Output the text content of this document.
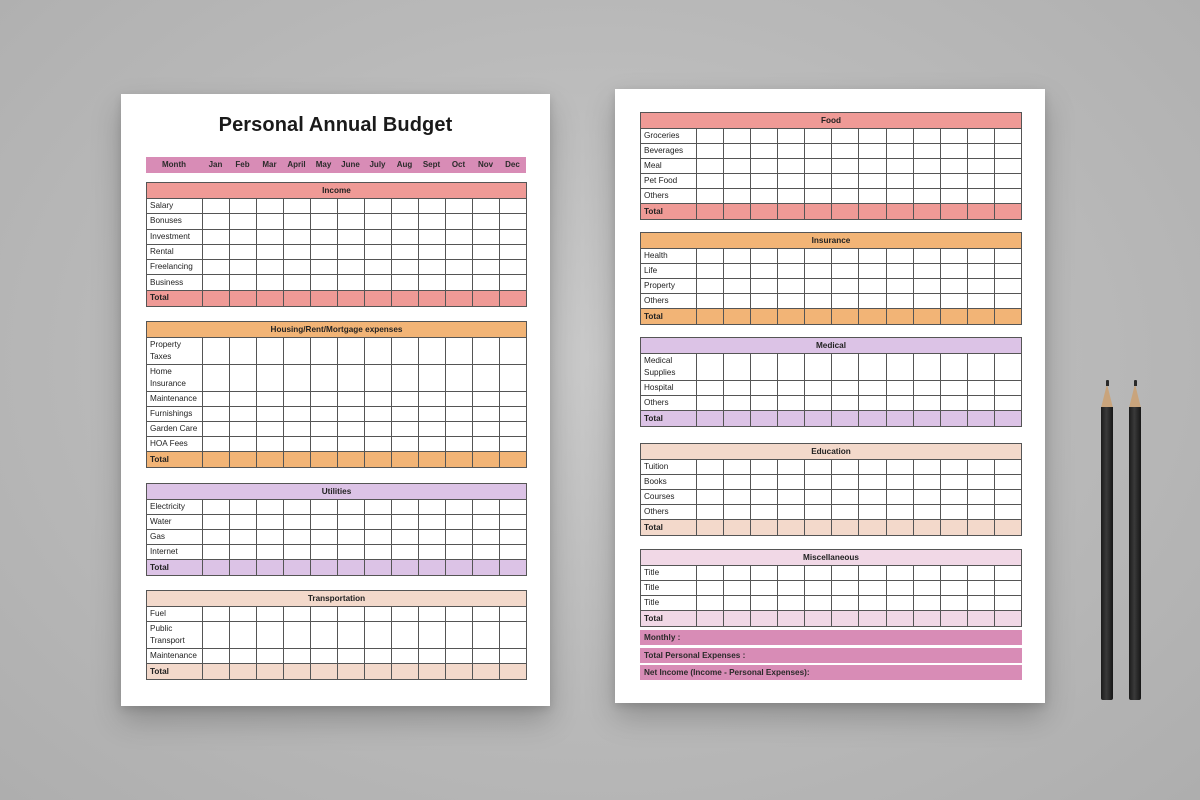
Personal Annual Budget
Month	Jan	Feb	Mar	April	May	June	July	Aug	Sept	Oct	Nov	Dec
Income
Salary
Bonuses
Investment
Rental
Freelancing
Business
Total
Housing/Rent/Mortgage expenses
Property Taxes
Home Insurance
Maintenance
Furnishings
Garden Care
HOA Fees
Total
Utilities
Electricity
Water
Gas
Internet
Total
Transportation
Fuel
Public Transport
Maintenance
Total
Food
Groceries
Beverages
Meal
Pet Food
Others
Total
Insurance
Health
Life
Property
Others
Total
Medical
Medical Supplies
Hospital
Others
Total
Education
Tuition
Books
Courses
Others
Total
Miscellaneous
Title
Title
Title
Total
Monthly :
Total Personal Expenses :
Net Income (Income - Personal Expenses):
